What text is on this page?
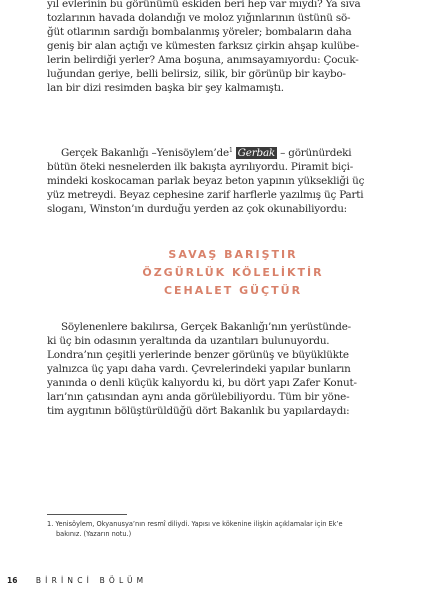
yıl evlerinin bu görünümü eskiden beri hep var mıydı? Ya sıva
tozlarının havada dolandığı ve moloz yığınlarının üstünü sö-
ğüt otlarının sardığı bombalanmış yöreler; bombaların daha
geniş bir alan açtığı ve kümesten farksız çirkin ahşap kulübe-
lerin belirdiği yerler? Ama boşuna, anımsayamıyordu: Çocuk-
luğundan geriye, belli belirsiz, silik, bir görünüp bir kaybo-
lan bir dizi resimden başka bir şey kalmamıştı.
Gerçek Bakanlığı $-Yenisöylem’de^1$ Gerbak – görünürdeki
bütün öteki nesnelerden ilk bakışta ayrılıyordu. Piramit biçi-
mindeki koskocaman parlak beyaz beton yapının yüksekliği üç
yüz metreydi. Beyaz cephesine zarif harflerle yazılmış üç Parti
sloganı, Winston’ın durduğu yerden az çok okunabiliyordu:
SAVAŞ BARIŞTIR
ÖZGÜRLÜK KÖLELİKTİR
CEHALET GÜÇTÜR
Söylenenlere bakılırsa, Gerçek Bakanlığı’nın yerüstünde-
ki üç bin odasının yeraltında da uzantıları bulunuyordu.
Londra’nın çeşitli yerlerinde benzer görünüş ve büyüklükte
yalnızca üç yapı daha vardı. Çevrelerindeki yapılar bunların
yanında o denli küçük kalıyordu ki, bu dört yapı Zafer Konut-
ları’nın çatısından aynı anda görülebiliyordu. Tüm bir yöne-
tim aygıtının bölüştürüldüğü dört Bakanlık bu yapılardaydı:
1. Yenisöylem, Okyanusya’nın resmî diliydi. Yapısı ve kökenine ilişkin açıklamalar için Ek’e
bakınız. (Yazarın notu.)
16 BİRİNCİ BÖLÜM
